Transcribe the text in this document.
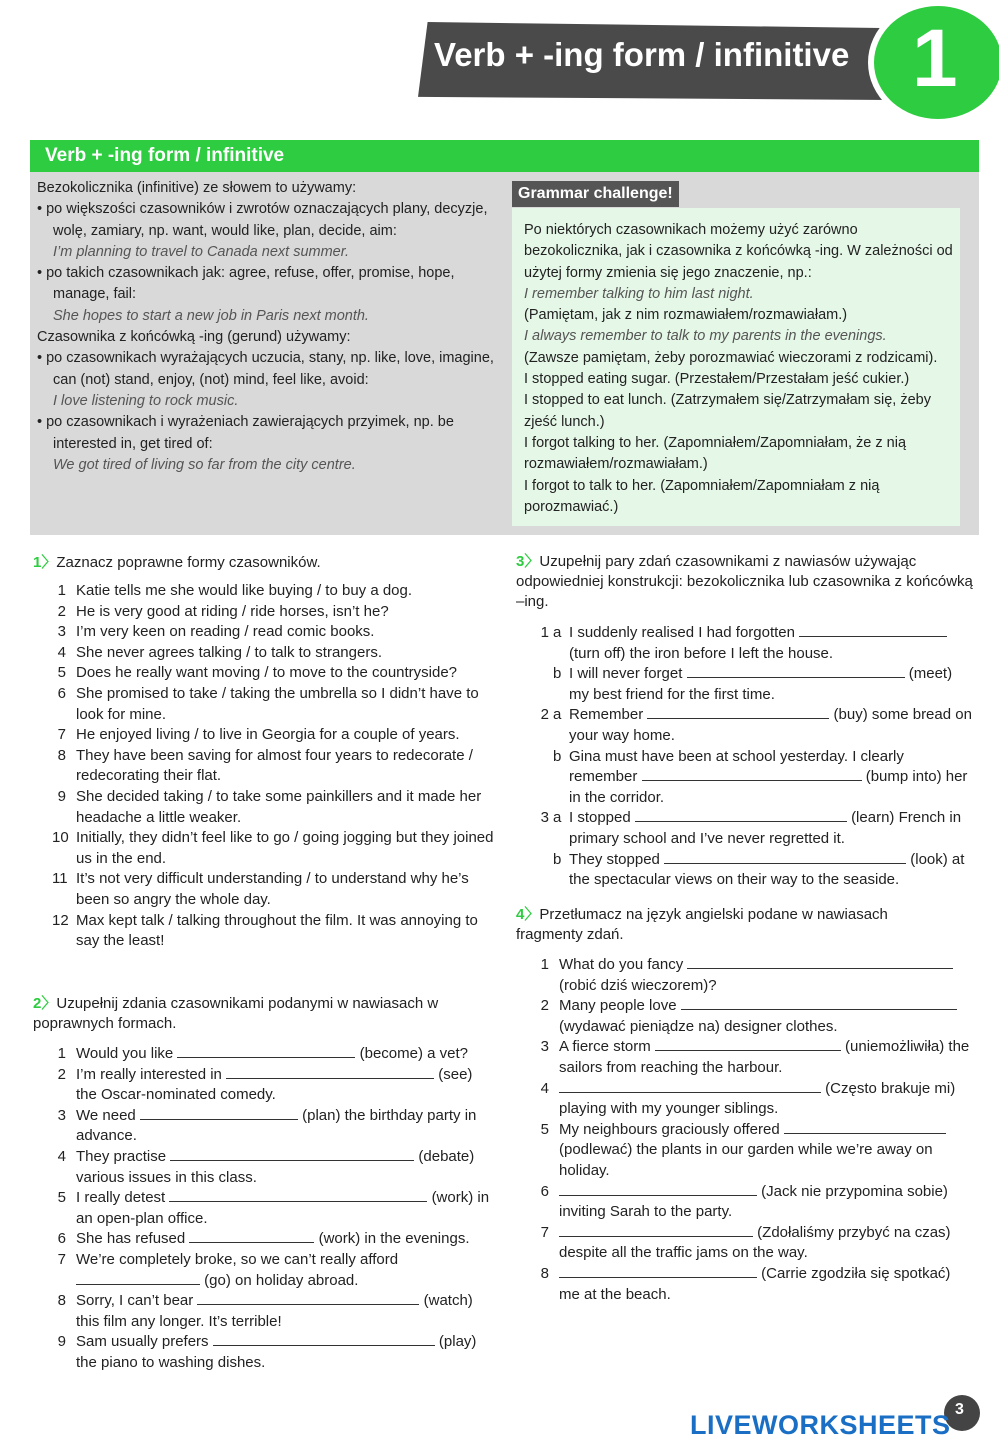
Verb + -ing form / infinitive 1
Verb + -ing form / infinitive

Bezokolicznika (infinitive) ze słowem to używamy:

• po większości czasowników i zwrotów oznaczających plany, decyzje, wolę, zamiary, np. want, would like, plan, decide, aim:

I’m planning to travel to Canada next summer.

• po takich czasownikach jak: agree, refuse, offer, promise, hope, manage, fail:

She hopes to start a new job in Paris next month.

Czasownika z końcówką -ing (gerund) używamy:

• po czasownikach wyrażających uczucia, stany, np. like, love, imagine, can (not) stand, enjoy, (not) mind, feel like, avoid:

I love listening to rock music.

• po czasownikach i wyrażeniach zawierających przyimek, np. be interested in, get tired of:

We got tired of living so far from the city centre.

Grammar challenge!

Po niektórych czasownikach możemy użyć zarówno bezokolicznika, jak i czasownika z końcówką -ing. W zależności od użytej formy zmienia się jego znaczenie, np.:

I remember talking to him last night.

(Pamiętam, jak z nim rozmawiałem/rozmawiałam.)

I always remember to talk to my parents in the evenings.

(Zawsze pamiętam, żeby porozmawiać wieczorami z rodzicami).

I stopped eating sugar. (Przestałem/Przestałam jeść cukier.)

I stopped to eat lunch. (Zatrzymałem się/Zatrzymałam się, żeby zjeść lunch.)

I forgot talking to her. (Zapomniałem/Zapomniałam, że z nią rozmawiałem/rozmawiałam.)

I forgot to talk to her. (Zapomniałem/Zapomniałam z nią porozmawiać.)

1〉Zaznacz poprawne formy czasowników.
1 Katie tells me she would like buying / to buy a dog.
2 He is very good at riding / ride horses, isn’t he?
3 I’m very keen on reading / read comic books.
4 She never agrees talking / to talk to strangers.
5 Does he really want moving / to move to the countryside?
6 She promised to take / taking the umbrella so I didn’t have to look for mine.
7 He enjoyed living / to live in Georgia for a couple of years.
8 They have been saving for almost four years to redecorate / redecorating their flat.
9 She decided taking / to take some painkillers and it made her headache a little weaker.
10 Initially, they didn’t feel like to go / going jogging but they joined us in the end.
11 It’s not very difficult understanding / to understand why he’s been so angry the whole day.
12 Max kept talk / talking throughout the film. It was annoying to say the least!
2〉Uzupełnij zdania czasownikami podanymi w nawiasach w poprawnych formach.
1 Would you like	(become) a vet?
2 I’m really interested in	(see) the Oscar-nominated comedy.
3 We need	(plan) the birthday party in advance.
4 They practise	(debate) various issues in this class.
5 I really detest	(work) in an open-plan office.
6 She has refused	(work) in the evenings.
7 We’re completely broke, so we can’t really afford  (go) on holiday abroad.
8 Sorry, I can’t bear	(watch) this film any longer. It’s terrible!
9 Sam usually prefers	(play) the piano to washing dishes.
3〉Uzupełnij pary zdań czasownikami z nawiasów używając odpowiedniej konstrukcji: bezokolicznika lub czasownika z końcówką –ing.
1 a I suddenly realised I had forgotten  (turn off) the iron before I left the house.
b I will never forget	(meet) my best friend for the first time.
2 a Remember	(buy) some bread on your way home.
b Gina must have been at school yesterday. I clearly remember	(bump into) her in the corridor.
3 a I stopped	(learn) French in primary school and I’ve never regretted it.
b They stopped	(look) at the spectacular views on their way to the seaside.
4〉Przetłumacz na język angielski podane w nawiasach fragmenty zdań.
1 What do you fancy  (robić dziś wieczorem)?
2 Many people love  (wydawać pieniądze na) designer clothes.
3 A fierce storm	(uniemożliwiła) the sailors from reaching the harbour.
4	(Często brakuje mi) playing with my younger siblings.
5 My neighbours graciously offered  (podlewać) the plants in our garden while we’re away on holiday.
6	(Jack nie przypomina sobie) inviting Sarah to the party.
7	(Zdołaliśmy przybyć na czas) despite all the traffic jams on the way.
8	(Carrie zgodziła się spotkać) me at the beach.
3
LIVEWORKSHEETS
